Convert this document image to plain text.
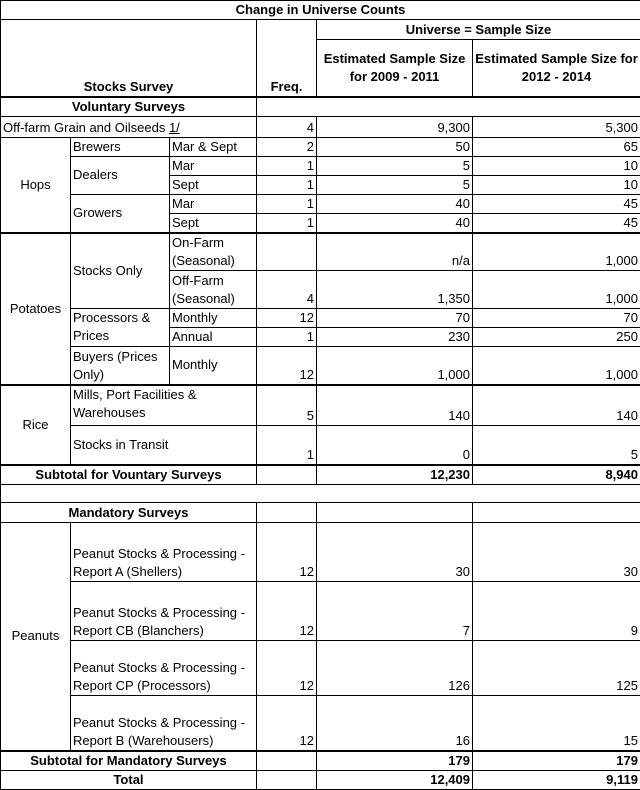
Change in Universe Counts					
Stocks Survey			Freq.	Universe = Sample Size	
				Estimated Sample Size for 2009 - 2011	Estimated Sample Size for 2012 - 2014
Voluntary Surveys					
Off-farm Grain and Oilseeds 1/			4	9,300	5,300
Hops	Brewers	Mar & Sept	2	50	65
	Dealers	Mar	1	5	10
		Sept	1	5	10
	Growers	Mar	1	40	45
		Sept	1	40	45
Potatoes	Stocks Only	On-Farm (Seasonal)		n/a	1,000
		Off-Farm (Seasonal)	4	1,350	1,000
	Processors & Prices	Monthly	12	70	70
		Annual	1	230	250
	Buyers (Prices Only)	Monthly	12	1,000	1,000
Rice	Mills, Port Facilities & Warehouses		5	140	140
	Stocks in Transit		1	0	5
Subtotal for Vountary Surveys				12,230	8,940

Mandatory Surveys					
Peanuts	Peanut Stocks & Processing - Report A (Shellers)		12	30	30
	Peanut Stocks & Processing - Report CB (Blanchers)		12	7	9
	Peanut Stocks & Processing - Report CP (Processors)		12	126	125
	Peanut Stocks & Processing - Report B (Warehousers)		12	16	15
Subtotal for Mandatory Surveys				179	179
Total				12,409	9,119
